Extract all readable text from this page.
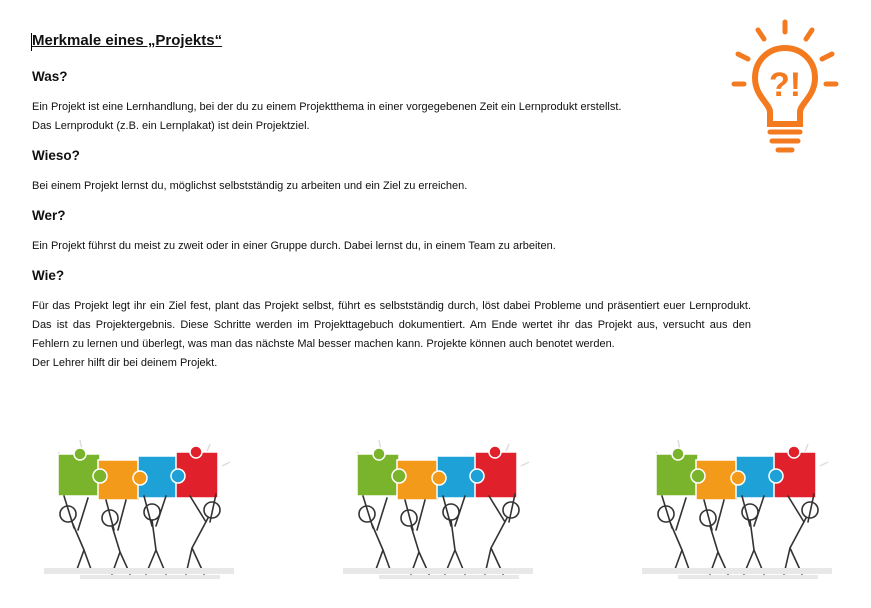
Merkmale eines „Projekts“
Was?

Ein Projekt ist eine Lernhandlung, bei der du zu einem Projektthema in einer vorgegebenen Zeit ein Lernprodukt erstellst.

Das Lernprodukt (z.B. ein Lernplakat) ist dein Projektziel.

Wieso?

Bei einem Projekt lernst du, möglichst selbstständig zu arbeiten und ein Ziel zu erreichen.

Wer?

Ein Projekt führst du meist zu zweit oder in einer Gruppe durch. Dabei lernst du, in einem Team zu arbeiten.

Wie?

Für das Projekt legt ihr ein Ziel fest, plant das Projekt selbst, führt es selbstständig durch, löst dabei Probleme und präsentiert euer Lernprodukt. Das ist das Projektergebnis. Diese Schritte werden im Projekttagebuch dokumentiert. Am Ende wertet ihr das Projekt aus, versucht aus den Fehlern zu lernen und überlegt, was man das nächste Mal besser machen kann. Projekte können auch benotet werden.

Der Lehrer hilft dir bei deinem Projekt.

?!
